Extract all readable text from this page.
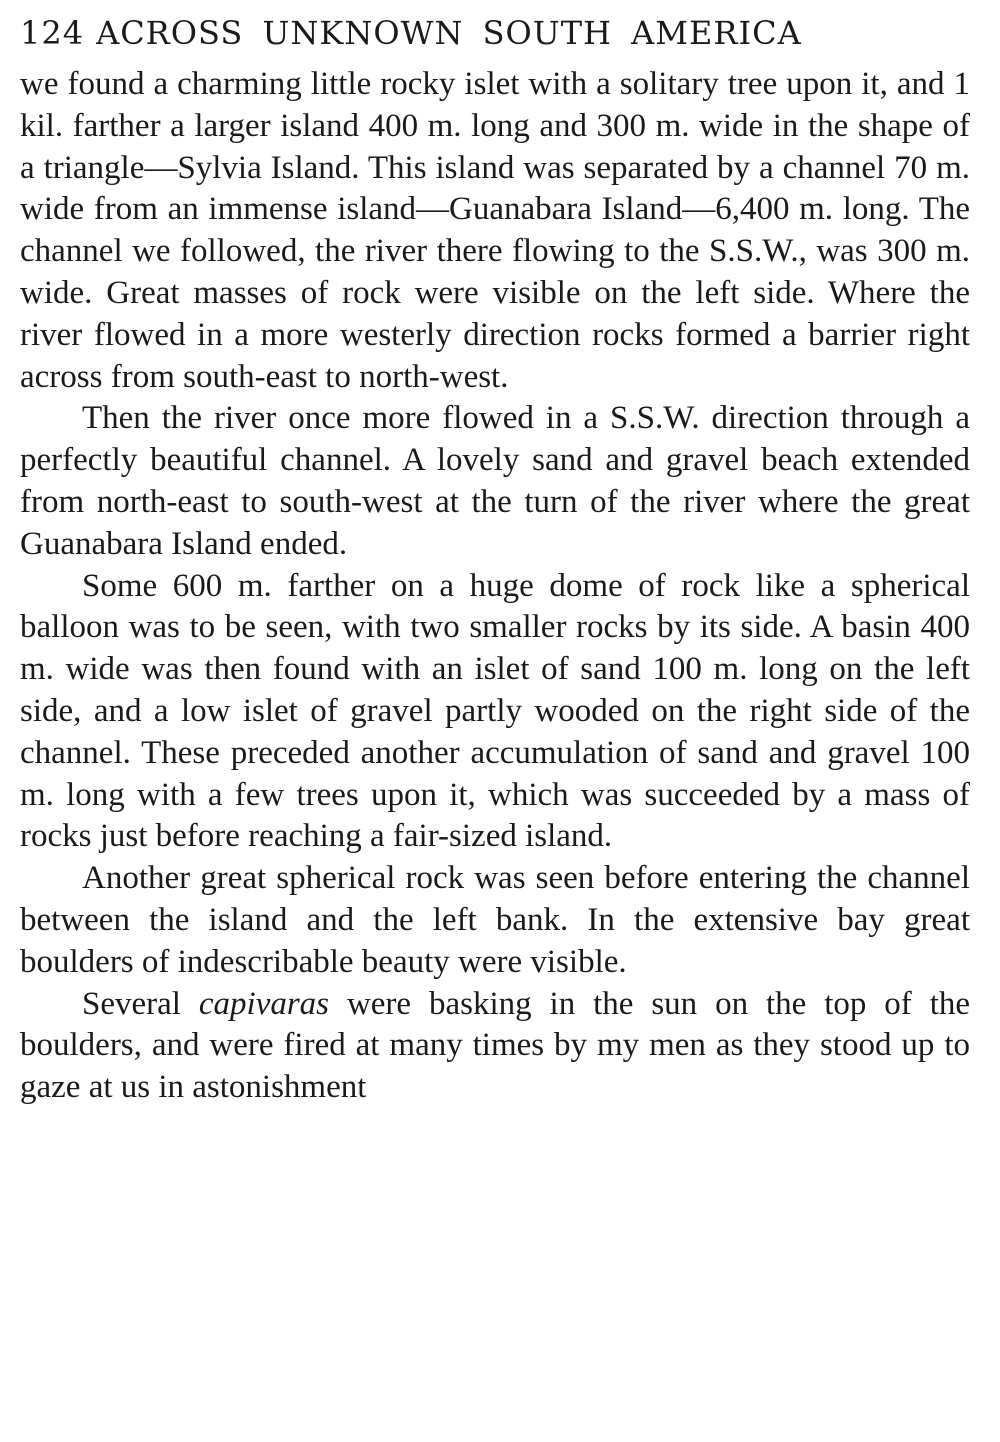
124 ACROSS UNKNOWN SOUTH AMERICA

we found a charming little rocky islet with a solitary tree upon it, and 1 kil. farther a larger island 400 m. long and 300 m. wide in the shape of a triangle—Sylvia Island. This island was separated by a channel 70 m. wide from an immense island—Guanabara Island—6,400 m. long. The channel we followed, the river there flowing to the S.S.W., was 300 m. wide. Great masses of rock were visible on the left side. Where the river flowed in a more westerly direction rocks formed a barrier right across from south-east to north-west.

Then the river once more flowed in a S.S.W. direction through a perfectly beautiful channel. A lovely sand and gravel beach extended from north-east to south-west at the turn of the river where the great Guanabara Island ended.

Some 600 m. farther on a huge dome of rock like a spherical balloon was to be seen, with two smaller rocks by its side. A basin 400 m. wide was then found with an islet of sand 100 m. long on the left side, and a low islet of gravel partly wooded on the right side of the channel. These preceded another accumulation of sand and gravel 100 m. long with a few trees upon it, which was succeeded by a mass of rocks just before reaching a fair-sized island.

Another great spherical rock was seen before entering the channel between the island and the left bank. In the extensive bay great boulders of indescribable beauty were visible.

Several capivaras were basking in the sun on the top of the boulders, and were fired at many times by my men as they stood up to gaze at us in astonishment
